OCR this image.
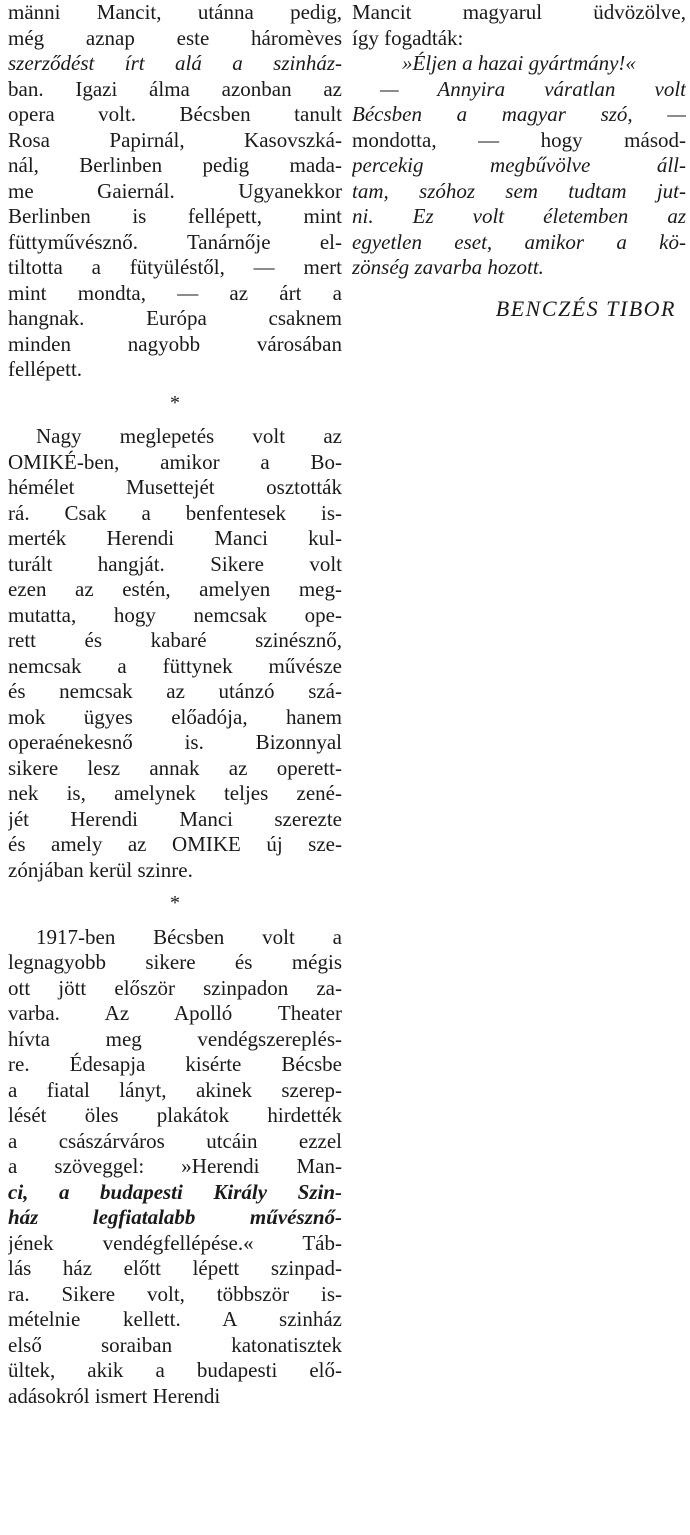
männi Mancit, utánna pedig,
még aznap este háromèves
szerződést írt alá a szinház-
ban. Igazi álma azonban az
opera volt. Bécsben tanult
Rosa Papirnál, Kasovszká-
nál, Berlinben pedig mada-
me Gaiernál. Ugyanekkor
Berlinben is fellépett, mint
füttyművésznő. Tanárnője el-
tiltotta a fütyüléstől, — mert
mint mondta, — az árt a
hangnak. Európa csaknem
minden nagyobb városában
fellépett.
*
Nagy meglepetés volt az
OMIKÉ-ben, amikor a Bo-
hémélet Musettejét osztották
rá. Csak a benfentesek is-
merték Herendi Manci kul-
turált hangját. Sikere volt
ezen az estén, amelyen meg-
mutatta, hogy nemcsak ope-
rett és kabaré szinésznő,
nemcsak a füttynek művésze
és nemcsak az utánzó szá-
mok ügyes előadója, hanem
operaénekesnő is. Bizonnyal
sikere lesz annak az operett-
nek is, amelynek teljes zené-
jét Herendi Manci szerezte
és amely az OMIKE új sze-
zónjában kerül szinre.
*
1917-ben Bécsben volt a
legnagyobb sikere és mégis
ott jött először szinpadon za-
varba. Az Apolló Theater
hívta meg vendégszereplés-
re. Édesapja kisérte Bécsbe
a fiatal lányt, akinek szerep-
lését öles plakátok hirdették
a császárváros utcáin ezzel
a szöveggel: »Herendi Man-
ci, a budapesti Király Szin-
ház legfiatalabb művésznő-
jének vendégfellépése.« Táb-
lás ház előtt lépett szinpad-
ra. Sikere volt, többször is-
mételnie kellett. A szinház
első soraiban katonatisztek
ültek, akik a budapesti elő-
adásokról ismert Herendi
Mancit magyarul üdvözölve,
így fogadták:
»Éljen a hazai gyártmány!«
— Annyira váratlan volt
Bécsben a magyar szó, —
mondotta, — hogy másod-
percekig megbűvölve áll-
tam, szóhoz sem tudtam jut-
ni. Ez volt életemben az
egyetlen eset, amikor a kö-
zönség zavarba hozott.
BENCZÉS TIBOR
